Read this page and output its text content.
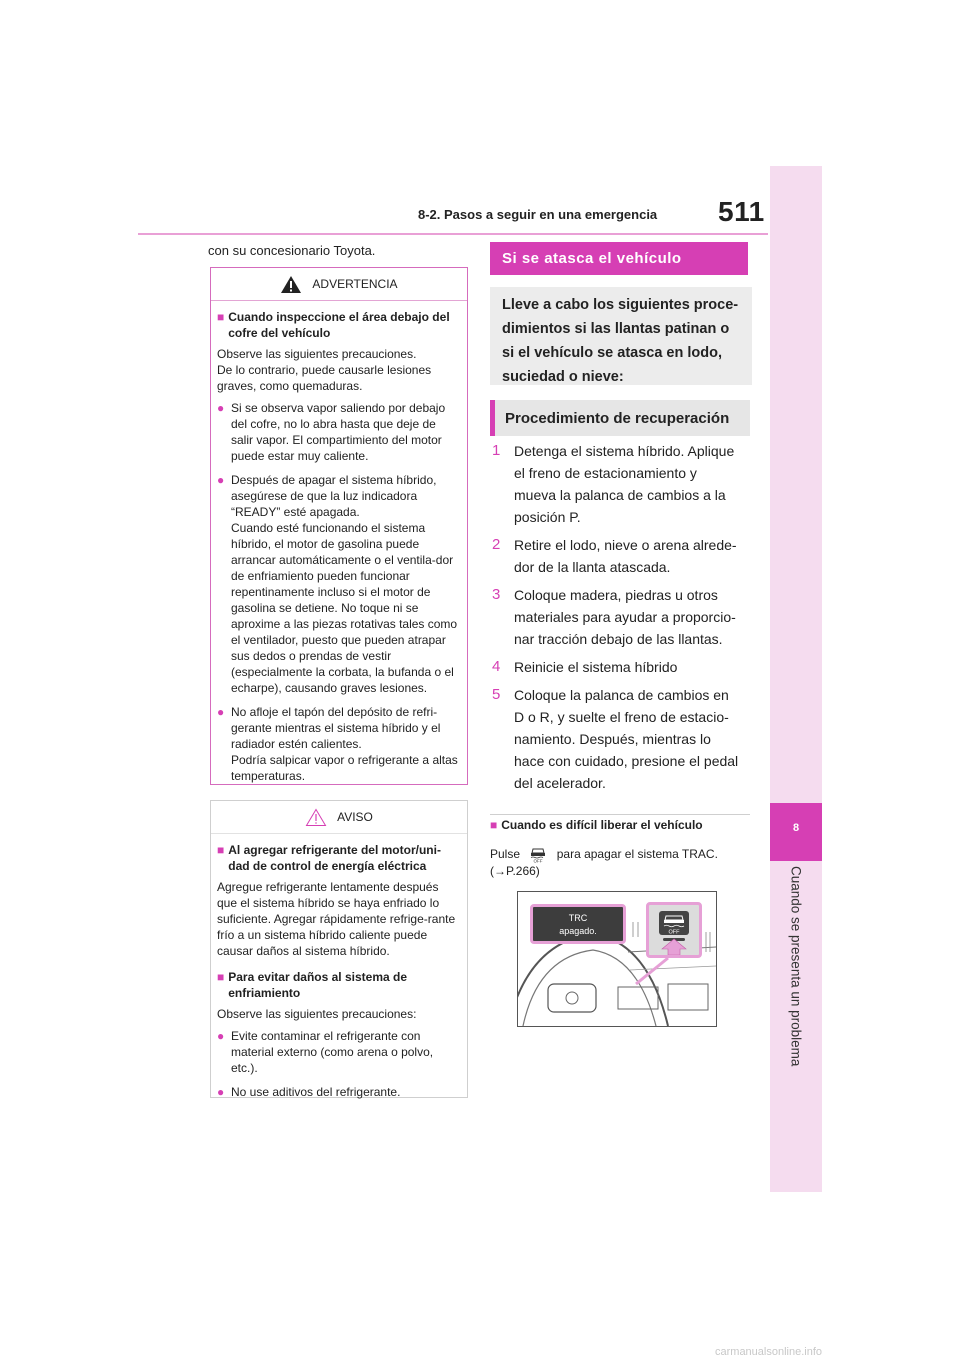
8-2. Pasos a seguir en una emergencia 511
8
Cuando se presenta un problema
con su concesionario Toyota.
ADVERTENCIA
■ Cuando inspeccione el área debajo del cofre del vehículo
Observe las siguientes precauciones.
De lo contrario, puede causarle lesiones graves, como quemaduras.
● Si se observa vapor saliendo por debajo del cofre, no lo abra hasta que deje de salir vapor. El compartimiento del motor puede estar muy caliente.
● Después de apagar el sistema híbrido, asegúrese de que la luz indicadora “READY” esté apagada.
Cuando esté funcionando el sistema híbrido, el motor de gasolina puede arrancar automáticamente o el ventila-dor de enfriamiento pueden funcionar repentinamente incluso si el motor de gasolina se detiene. No toque ni se aproxime a las piezas rotativas tales como el ventilador, puesto que pueden atrapar sus dedos o prendas de vestir (especialmente la corbata, la bufanda o el echarpe), causando graves lesiones.
● No afloje el tapón del depósito de refri-gerante mientras el sistema híbrido y el radiador estén calientes.
Podría salpicar vapor o refrigerante a altas temperaturas.
AVISO
■ Al agregar refrigerante del motor/uni-dad de control de energía eléctrica
Agregue refrigerante lentamente después que el sistema híbrido se haya enfriado lo suficiente. Agregar rápidamente refrige-rante frío a un sistema híbrido caliente puede causar daños al sistema híbrido.
■ Para evitar daños al sistema de enfriamiento
Observe las siguientes precauciones:
● Evite contaminar el refrigerante con material externo (como arena o polvo, etc.).
● No use aditivos del refrigerante.
Si se atasca el vehículo
Lleve a cabo los siguientes proce-dimientos si las llantas patinan o si el vehículo se atasca en lodo, suciedad o nieve:
Procedimiento de recuperación
1 Detenga el sistema híbrido. Aplique
el freno de estacionamiento y
mueva la palanca de cambios a la
posición P.
2 Retire el lodo, nieve o arena alrede-
dor de la llanta atascada.
3 Coloque madera, piedras u otros
materiales para ayudar a proporcio-
nar tracción debajo de las llantas.
4 Reinicie el sistema híbrido
5 Coloque la palanca de cambios en
D o R, y suelte el freno de estacio-
namiento. Después, mientras lo
hace con cuidado, presione el pedal
del acelerador.
■ Cuando es difícil liberar el vehículo
Pulse	OFF para apagar el sistema TRAC.
(→P.266)
TRC
apagado.	OFF
carmanualsonline.info
